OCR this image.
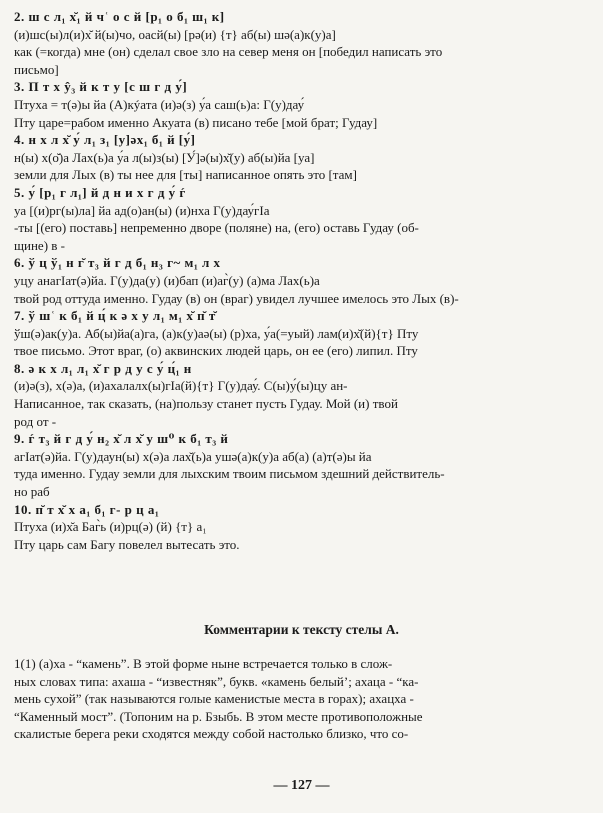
2. ш с л₁ х̆₁ й чʿ о с й [р₁ о б₁ ш₁ к]
(и)шс(ы)л(и)х̆ й(ы)чо, оасй(ы) [рə(и) {т} аб(ы) шə(а)к(у)а]
как (=когда) мне (он) сделал свое зло на север меня он [победил написать это
письмо]
3. П т х ŷ₃ й к т у [с ш г д у́]
Птуха = т(ə)ы йа (А)кýата (и)ə(з) у́а саш(ь)а: Г(у)дау́
Пту царе=рабом именно Акуата (в) писано тебе [мой брат; Гудау]
4. н х л х̆ у́ л₁ з₁ [у]əх₁ б₁ й [у́]
н(ы) х(о̆)а Лах(ь)а у́а л(ы)з(ы) [У́]ə(ы)х̆(у) аб(ы)йа [уа]
земли для Лых (в) ты нее для [ты] написанное опять это [там]
5. у́ [р₁ г л₁] й д н и х г д у́ ѓ
уа [(и)рг(ы)ла] йа ад(о)ан(ы) (и)нха Г(у)дау́гIа
-ты [(его) поставь] непременно дворе (поляне) на, (его) оставь Гудау (об-
щине) в -
6. ў ц ў₁ н г̆ т₃ й г д б₁ н₃ г~ м₁ л х
уцу анагIат(ə)йа. Г(у)да(у) (и)бап (и)аг̀(у) (а)ма Лах(ь)а
твой род оттуда именно. Гудау (в) он (враг) увидел лучшее имелось это Лых (в)-
7. ў шʿ к б₁ й ц́ к ə х у л₁ м₁ х̆ п̆ т̆
ўш(ə)ак(у)а. Аб(ы)йа(а)га, (а)к(у)аə(ы) (р)ха, у́а(=уый) лам(и)х̆(й){т} Пту
твое письмо. Этот враг, (о) аквинских людей царь, он ее (его) липил. Пту
8. ə к х л₁ л₁ х̆ г р д у с у́ ц́₁ н
(и)ə(з), х(ə)а, (и)ахалалх(ы)гIа(й){т} Г(у)дау́. С(ы)у́(ы)цу ан-
Написанное, так сказать, (на)пользу станет пусть Гудау. Мой (и) твой
род от -
9. ѓ т₃ й г д у́ н₂ х̆ л х̆ у ш⁰ к б₁ т₃ й
агIат(ə)йа. Г(у)даун(ы) х(ə)а лах̆(ь)а ушə(а)к(у)а аб(а) (а)т(ə)ы йа
туда именно. Гудау земли для лыхским твоим письмом здешний действитель-
но раб
10. п̆ т х̆ х а₁ б₁ г- р ц а₁
Птуха (и)х̆а Баг̀ь (и)рц(ə) (й) {т} а₁
Пту царь сам Багу повелел вытесать это.
Комментарии к тексту стелы А.
1(1) (а)ха - “камень”. В этой форме ныне встречается только в слож-
ных словах типа: ахаша - “известняк”, букв. «камень белый’; ахаца - “ка-
мень сухой” (так называются голые каменистые места в горах); ахацха -
“Каменный мост”. (Топоним на р. Бзыбь. В этом месте противоположные
скалистые берега реки сходятся между собой настолько близко, что со-
— 127 —
